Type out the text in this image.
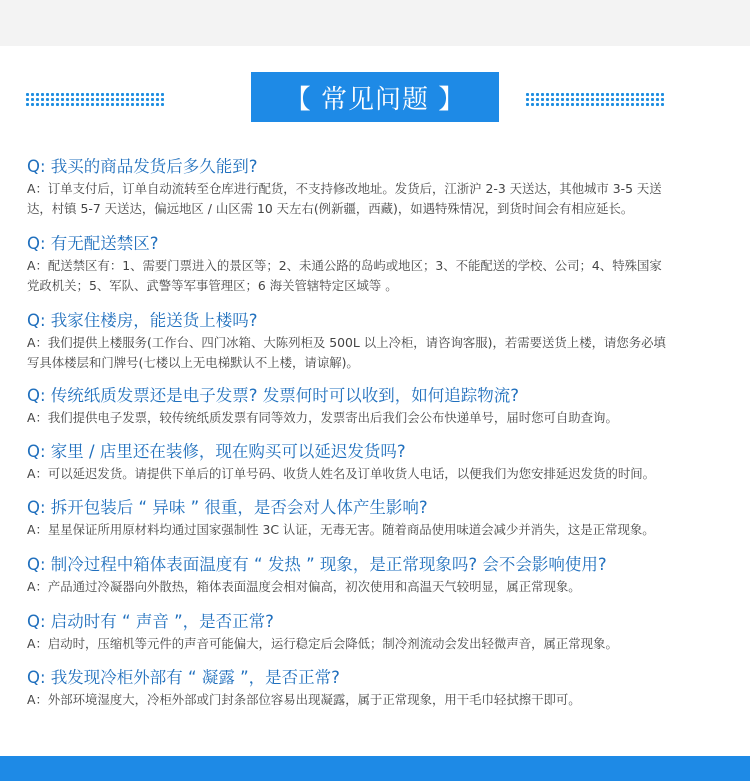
【 常见问题 】
Q: 我买的商品发货后多久能到?
A：订单支付后，订单自动流转至仓库进行配货，不支持修改地址。发货后，江浙沪 2-3 天送达，其他城市 3-5 天送
达，村镇 5-7 天送达，偏远地区 / 山区需 10 天左右(例新疆，西藏)，如遇特殊情况，到货时间会有相应延长。
Q: 有无配送禁区?
A：配送禁区有：1、需要门票进入的景区等；2、未通公路的岛屿或地区；3、不能配送的学校、公司；4、特殊国家
党政机关；5、军队、武警等军事管理区；6 海关管辖特定区域等 。
Q: 我家住楼房，能送货上楼吗?
A：我们提供上楼服务(工作台、四门冰箱、大陈列柜及 500L 以上冷柜，请咨询客服)，若需要送货上楼，请您务必填
写具体楼层和门牌号(七楼以上无电梯默认不上楼，请谅解)。
Q: 传统纸质发票还是电子发票? 发票何时可以收到，如何追踪物流?
A：我们提供电子发票，较传统纸质发票有同等效力，发票寄出后我们会公布快递单号，届时您可自助查询。
Q: 家里 / 店里还在装修，现在购买可以延迟发货吗?
A：可以延迟发货。请提供下单后的订单号码、收货人姓名及订单收货人电话，以便我们为您安排延迟发货的时间。
Q: 拆开包装后 “ 异味 ” 很重，是否会对人体产生影响?
A：星星保证所用原材料均通过国家强制性 3C 认证，无毒无害。随着商品使用味道会减少并消失，这是正常现象。
Q: 制冷过程中箱体表面温度有 “ 发热 ” 现象，是正常现象吗? 会不会影响使用?
A：产品通过冷凝器向外散热，箱体表面温度会相对偏高，初次使用和高温天气较明显，属正常现象。
Q: 启动时有 “ 声音 ”，是否正常?
A：启动时，压缩机等元件的声音可能偏大，运行稳定后会降低；制冷剂流动会发出轻微声音，属正常现象。
Q: 我发现冷柜外部有 “ 凝露 ”，是否正常?
A：外部环境湿度大，冷柜外部或门封条部位容易出现凝露，属于正常现象，用干毛巾轻拭擦干即可。
